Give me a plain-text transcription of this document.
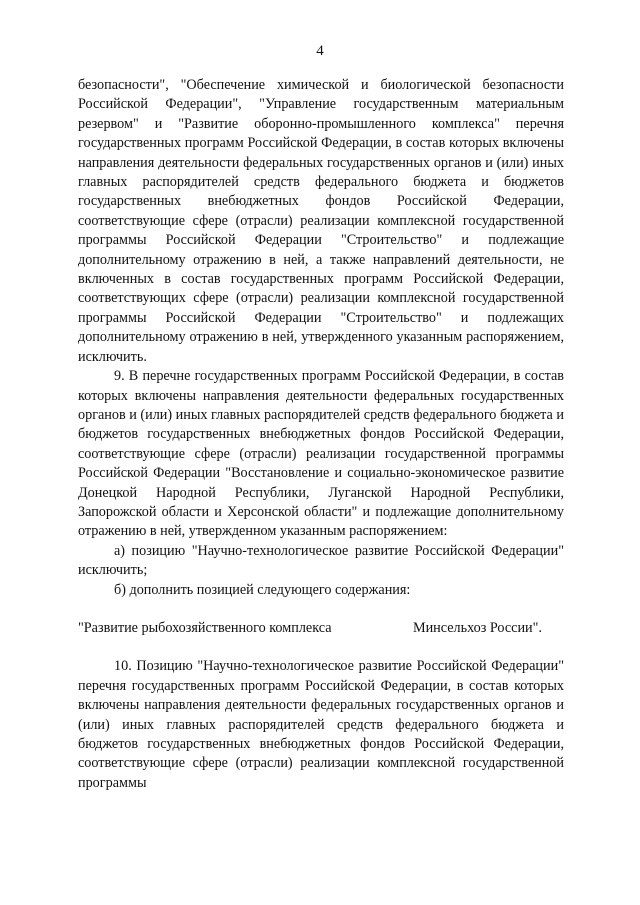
4

безопасности", "Обеспечение химической и биологической безопасности Российской Федерации", "Управление государственным материальным резервом" и "Развитие оборонно-промышленного комплекса" перечня государственных программ Российской Федерации, в состав которых включены направления деятельности федеральных государственных органов и (или) иных главных распорядителей средств федерального бюджета и бюджетов государственных внебюджетных фондов Российской Федерации, соответствующие сфере (отрасли) реализации комплексной государственной программы Российской Федерации "Строительство" и подлежащие дополнительному отражению в ней, а также направлений деятельности, не включенных в состав государственных программ Российской Федерации, соответствующих сфере (отрасли) реализации комплексной государственной программы Российской Федерации "Строительство" и подлежащих дополнительному отражению в ней, утвержденного указанным распоряжением, исключить.

9. В перечне государственных программ Российской Федерации, в состав которых включены направления деятельности федеральных государственных органов и (или) иных главных распорядителей средств федерального бюджета и бюджетов государственных внебюджетных фондов Российской Федерации, соответствующие сфере (отрасли) реализации государственной программы Российской Федерации "Восстановление и социально-экономическое развитие Донецкой Народной Республики, Луганской Народной Республики, Запорожской области и Херсонской области" и подлежащие дополнительному отражению в ней, утвержденном указанным распоряжением:

а) позицию "Научно-технологическое развитие Российской Федерации" исключить;

б) дополнить позицией следующего содержания:

"Развитие рыбохозяйственного комплекса	Минсельхоз России".

10. Позицию "Научно-технологическое развитие Российской Федерации" перечня государственных программ Российской Федерации, в состав которых включены направления деятельности федеральных государственных органов и (или) иных главных распорядителей средств федерального бюджета и бюджетов государственных внебюджетных фондов Российской Федерации, соответствующие сфере (отрасли) реализации комплексной государственной программы
